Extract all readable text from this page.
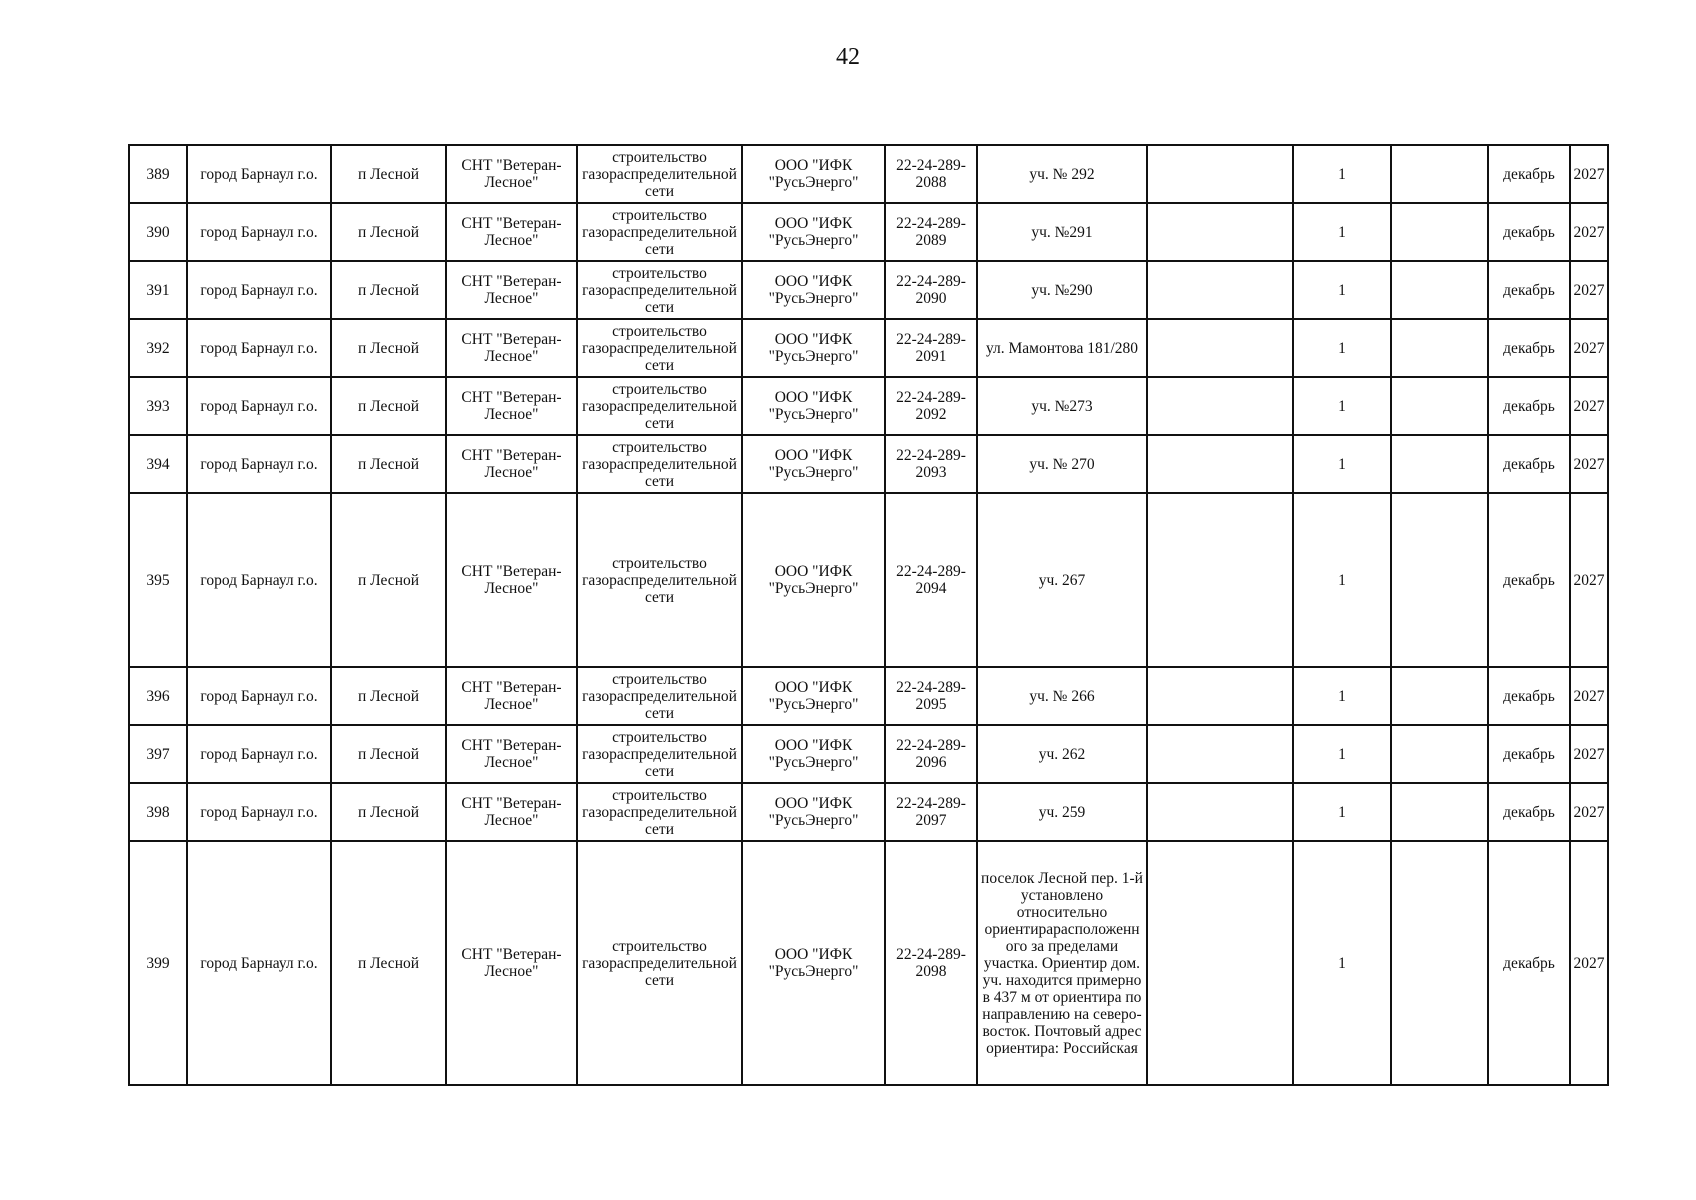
42
389	город Барнаул г.о.	п Лесной	СНТ "Ветеран-Лесное"	строительство газораспределительной сети	ООО "ИФК "РусьЭнерго"	22-24-289-2088	уч. № 292		1		декабрь	2027
390	город Барнаул г.о.	п Лесной	СНТ "Ветеран-Лесное"	строительство газораспределительной сети	ООО "ИФК "РусьЭнерго"	22-24-289-2089	уч. №291		1		декабрь	2027
391	город Барнаул г.о.	п Лесной	СНТ "Ветеран-Лесное"	строительство газораспределительной сети	ООО "ИФК "РусьЭнерго"	22-24-289-2090	уч. №290		1		декабрь	2027
392	город Барнаул г.о.	п Лесной	СНТ "Ветеран-Лесное"	строительство газораспределительной сети	ООО "ИФК "РусьЭнерго"	22-24-289-2091	ул. Мамонтова 181/280		1		декабрь	2027
393	город Барнаул г.о.	п Лесной	СНТ "Ветеран-Лесное"	строительство газораспределительной сети	ООО "ИФК "РусьЭнерго"	22-24-289-2092	уч. №273		1		декабрь	2027
394	город Барнаул г.о.	п Лесной	СНТ "Ветеран-Лесное"	строительство газораспределительной сети	ООО "ИФК "РусьЭнерго"	22-24-289-2093	уч. № 270		1		декабрь	2027
395	город Барнаул г.о.	п Лесной	СНТ "Ветеран-Лесное"	строительство газораспределительной сети	ООО "ИФК "РусьЭнерго"	22-24-289-2094	уч. 267		1		декабрь	2027
396	город Барнаул г.о.	п Лесной	СНТ "Ветеран-Лесное"	строительство газораспределительной сети	ООО "ИФК "РусьЭнерго"	22-24-289-2095	уч. № 266		1		декабрь	2027
397	город Барнаул г.о.	п Лесной	СНТ "Ветеран-Лесное"	строительство газораспределительной сети	ООО "ИФК "РусьЭнерго"	22-24-289-2096	уч. 262		1		декабрь	2027
398	город Барнаул г.о.	п Лесной	СНТ "Ветеран-Лесное"	строительство газораспределительной сети	ООО "ИФК "РусьЭнерго"	22-24-289-2097	уч. 259		1		декабрь	2027
399	город Барнаул г.о.	п Лесной	СНТ "Ветеран-Лесное"	строительство газораспределительной сети	ООО "ИФК "РусьЭнерго"	22-24-289-2098	поселок Лесной пер. 1-й установлено относительно ориентирарасположенн ого за пределами участка. Ориентир дом. уч. находится примерно в 437 м от ориентира по направлению на северо-восток. Почтовый адрес ориентира: Российская		1		декабрь	2027
